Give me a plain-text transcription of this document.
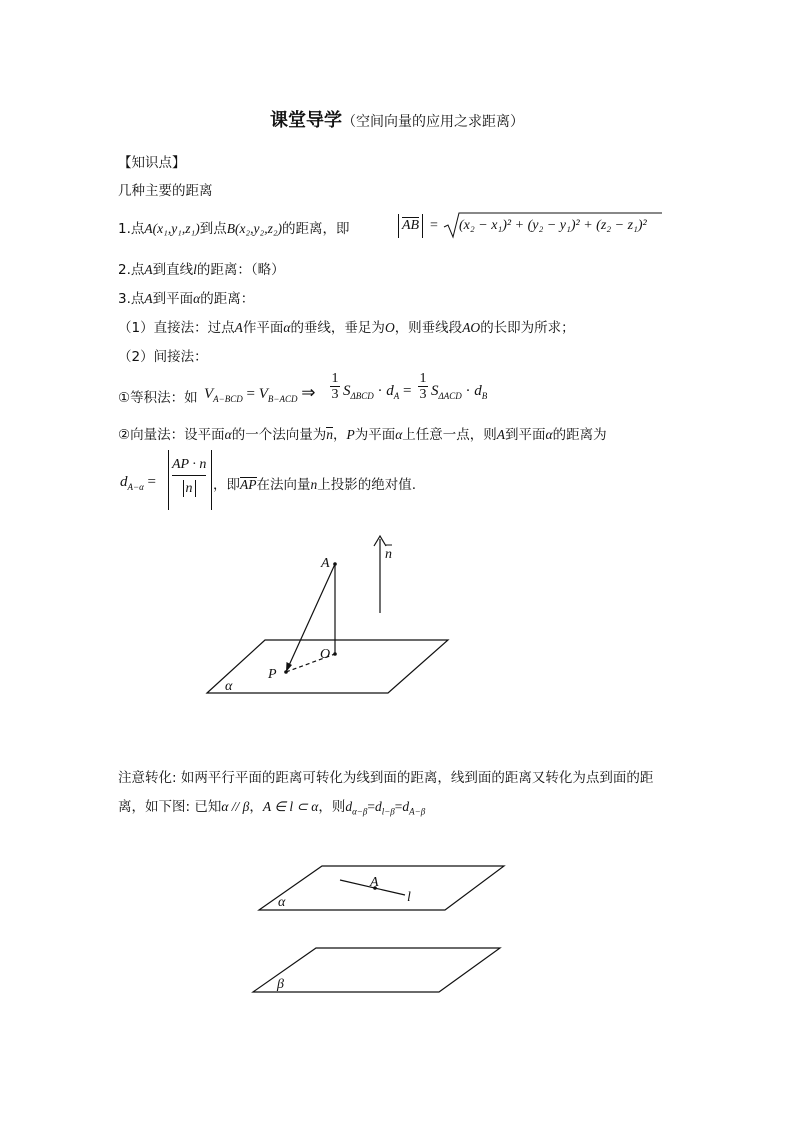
课堂导学（空间向量的应用之求距离）
【知识点】
几种主要的距离
1.点A(x₁,y₁,z₁)到点B(x₂,y₂,z₂)的距离，即	AB = (x₂ − x₁)² + (y₂ − y₁)² + (z₂ − z₁)²
2.点A到直线l的距离：（略）
3.点A到平面α的距离：
（1）直接法：过点A作平面α的垂线，垂足为O，则垂线段AO的长即为所求；
（2）间接法：
①等积法：如 $V_{A-BCD} = V_{B-ACD}$ ⇒ $\frac{1}{3} S_{\Delta BCD} \cdot d_A = \frac{1}{3} S_{\Delta ACD} \cdot d_B$
②向量法：设平面α的一个法向量为n，P为平面α上任意一点，则A到平面α的距离为
$d_{A-\alpha} = \frac{AP \cdot n}{n}$ ，即AP在法向量n上投影的绝对值.
A
O
P
α
n
注意转化: 如两平行平面的距离可转化为线到面的距离，线到面的距离又转化为点到面的距
离，如下图: 已知α // β，A ∈ l ⊂ α，则$d_{\alpha-\beta}=d_{l-\beta}=d_{A-\beta}$
A
l
α
β
